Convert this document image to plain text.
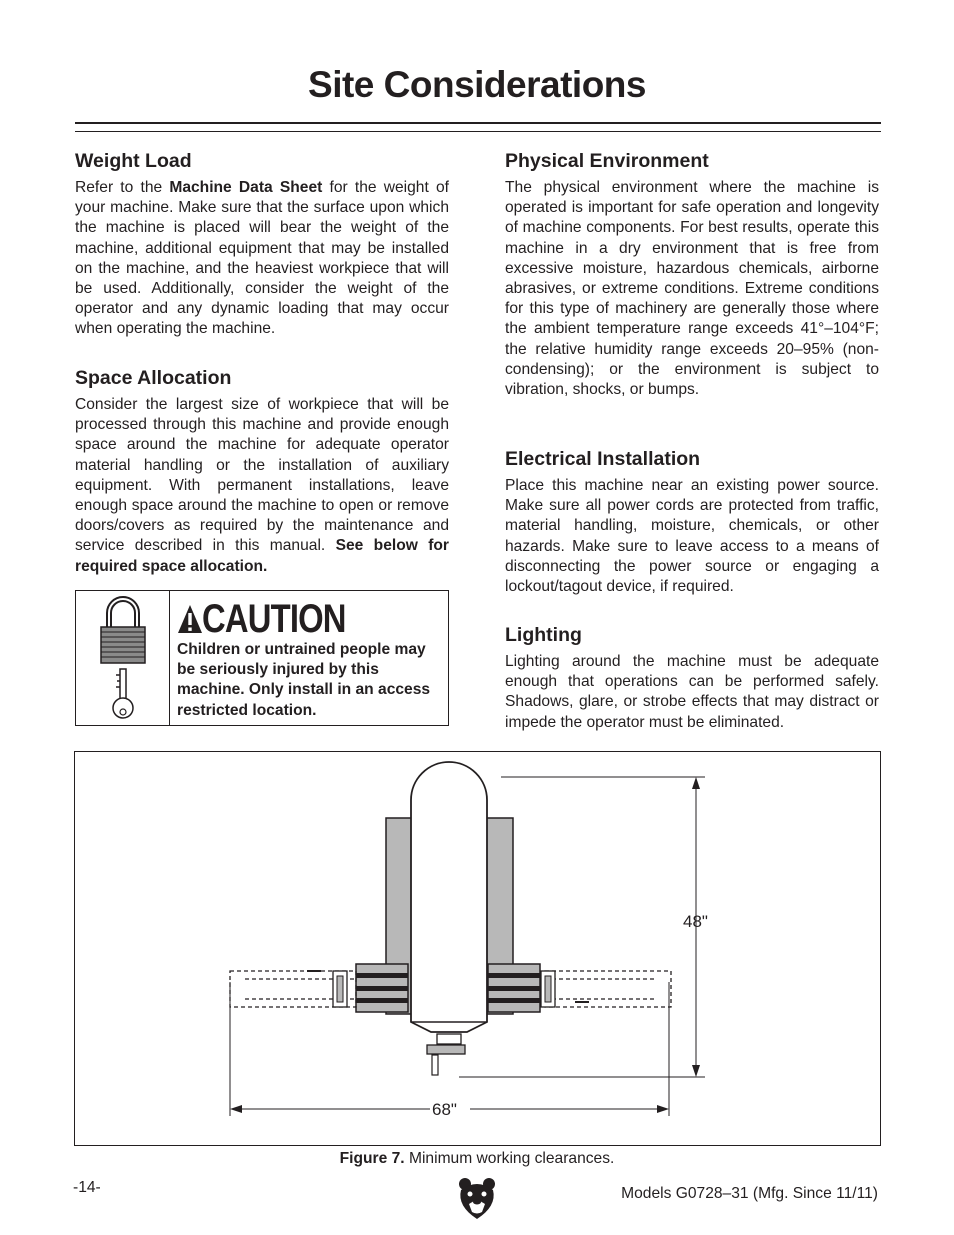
Site Considerations
Weight Load

Refer to the Machine Data Sheet for the weight of your machine. Make sure that the surface upon which the machine is placed will bear the weight of the machine, additional equipment that may be installed on the machine, and the heaviest workpiece that will be used. Additionally, consider the weight of the operator and any dynamic loading that may occur when operating the machine.

Space Allocation

Consider the largest size of workpiece that will be processed through this machine and provide enough space around the machine for adequate operator material handling or the installation of auxiliary equipment. With permanent installations, leave enough space around the machine to open or remove doors/covers as required by the maintenance and service described in this manual. See below for required space allocation.

CAUTION

Children or untrained people may be seriously injured by this machine. Only install in an access restricted location.

Physical Environment

The physical environment where the machine is operated is important for safe operation and longevity of machine components. For best results, operate this machine in a dry environment that is free from excessive moisture, hazardous chemicals, airborne abrasives, or extreme conditions. Extreme conditions for this type of machinery are generally those where the ambient temperature range exceeds 41°–104°F; the relative humidity range exceeds 20–95% (non-condensing); or the environment is subject to vibration, shocks, or bumps.

Electrical Installation

Place this machine near an existing power source. Make sure all power cords are protected from traffic, material handling, moisture, chemicals, or other hazards. Make sure to leave access to a means of disconnecting the power source or engaging a lockout/tagout device, if required.

Lighting

Lighting around the machine must be adequate enough that operations can be performed safely. Shadows, glare, or strobe effects that may distract or impede the operator must be eliminated.

48"
68"
Figure 7. Minimum working clearances.
-14-	Models G0728–31 (Mfg. Since 11/11)
